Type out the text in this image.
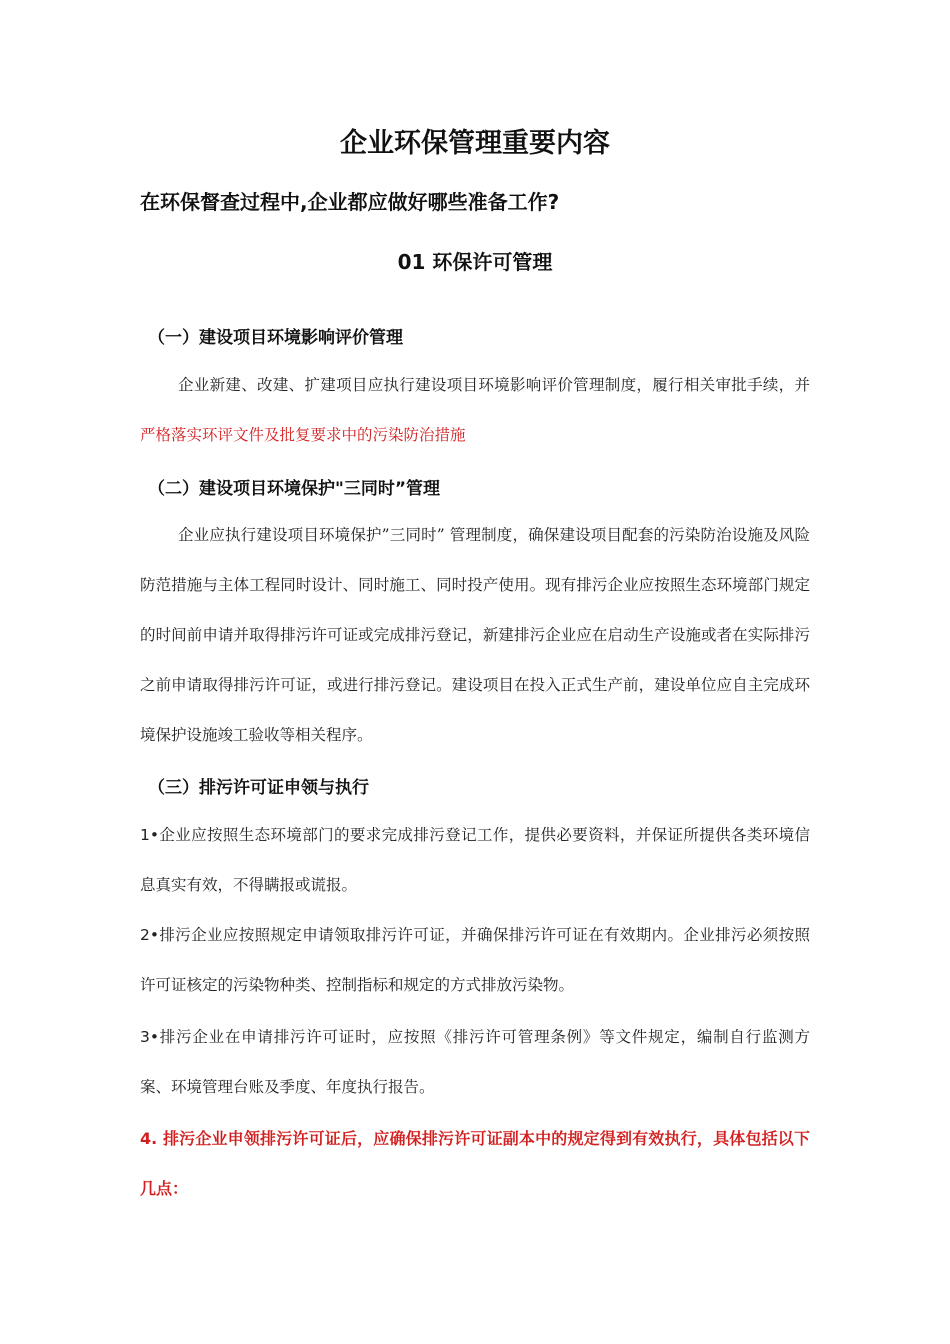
企业环保管理重要内容
在环保督查过程中,企业都应做好哪些准备工作?
01 环保许可管理
（一）建设项目环境影响评价管理
企业新建、改建、扩建项目应执行建设项目环境影响评价管理制度，履行相关审批手续，并严格落实环评文件及批复要求中的污染防治措施
（二）建设项目环境保护"三同时”管理
企业应执行建设项目环境保护”三同时” 管理制度，确保建设项目配套的污染防治设施及风险防范措施与主体工程同时设计、同时施工、同时投产使用。现有排污企业应按照生态环境部门规定的时间前申请并取得排污许可证或完成排污登记，新建排污企业应在启动生产设施或者在实际排污之前申请取得排污许可证，或进行排污登记。建设项目在投入正式生产前，建设单位应自主完成环境保护设施竣工验收等相关程序。
（三）排污许可证申领与执行
1•企业应按照生态环境部门的要求完成排污登记工作，提供必要资料，并保证所提供各类环境信息真实有效，不得瞒报或谎报。
2•排污企业应按照规定申请领取排污许可证，并确保排污许可证在有效期内。企业排污必须按照许可证核定的污染物种类、控制指标和规定的方式排放污染物。
3•排污企业在申请排污许可证时，应按照《排污许可管理条例》等文件规定，编制自行监测方案、环境管理台账及季度、年度执行报告。
4. 排污企业申领排污许可证后，应确保排污许可证副本中的规定得到有效执行，具体包括以下几点：
